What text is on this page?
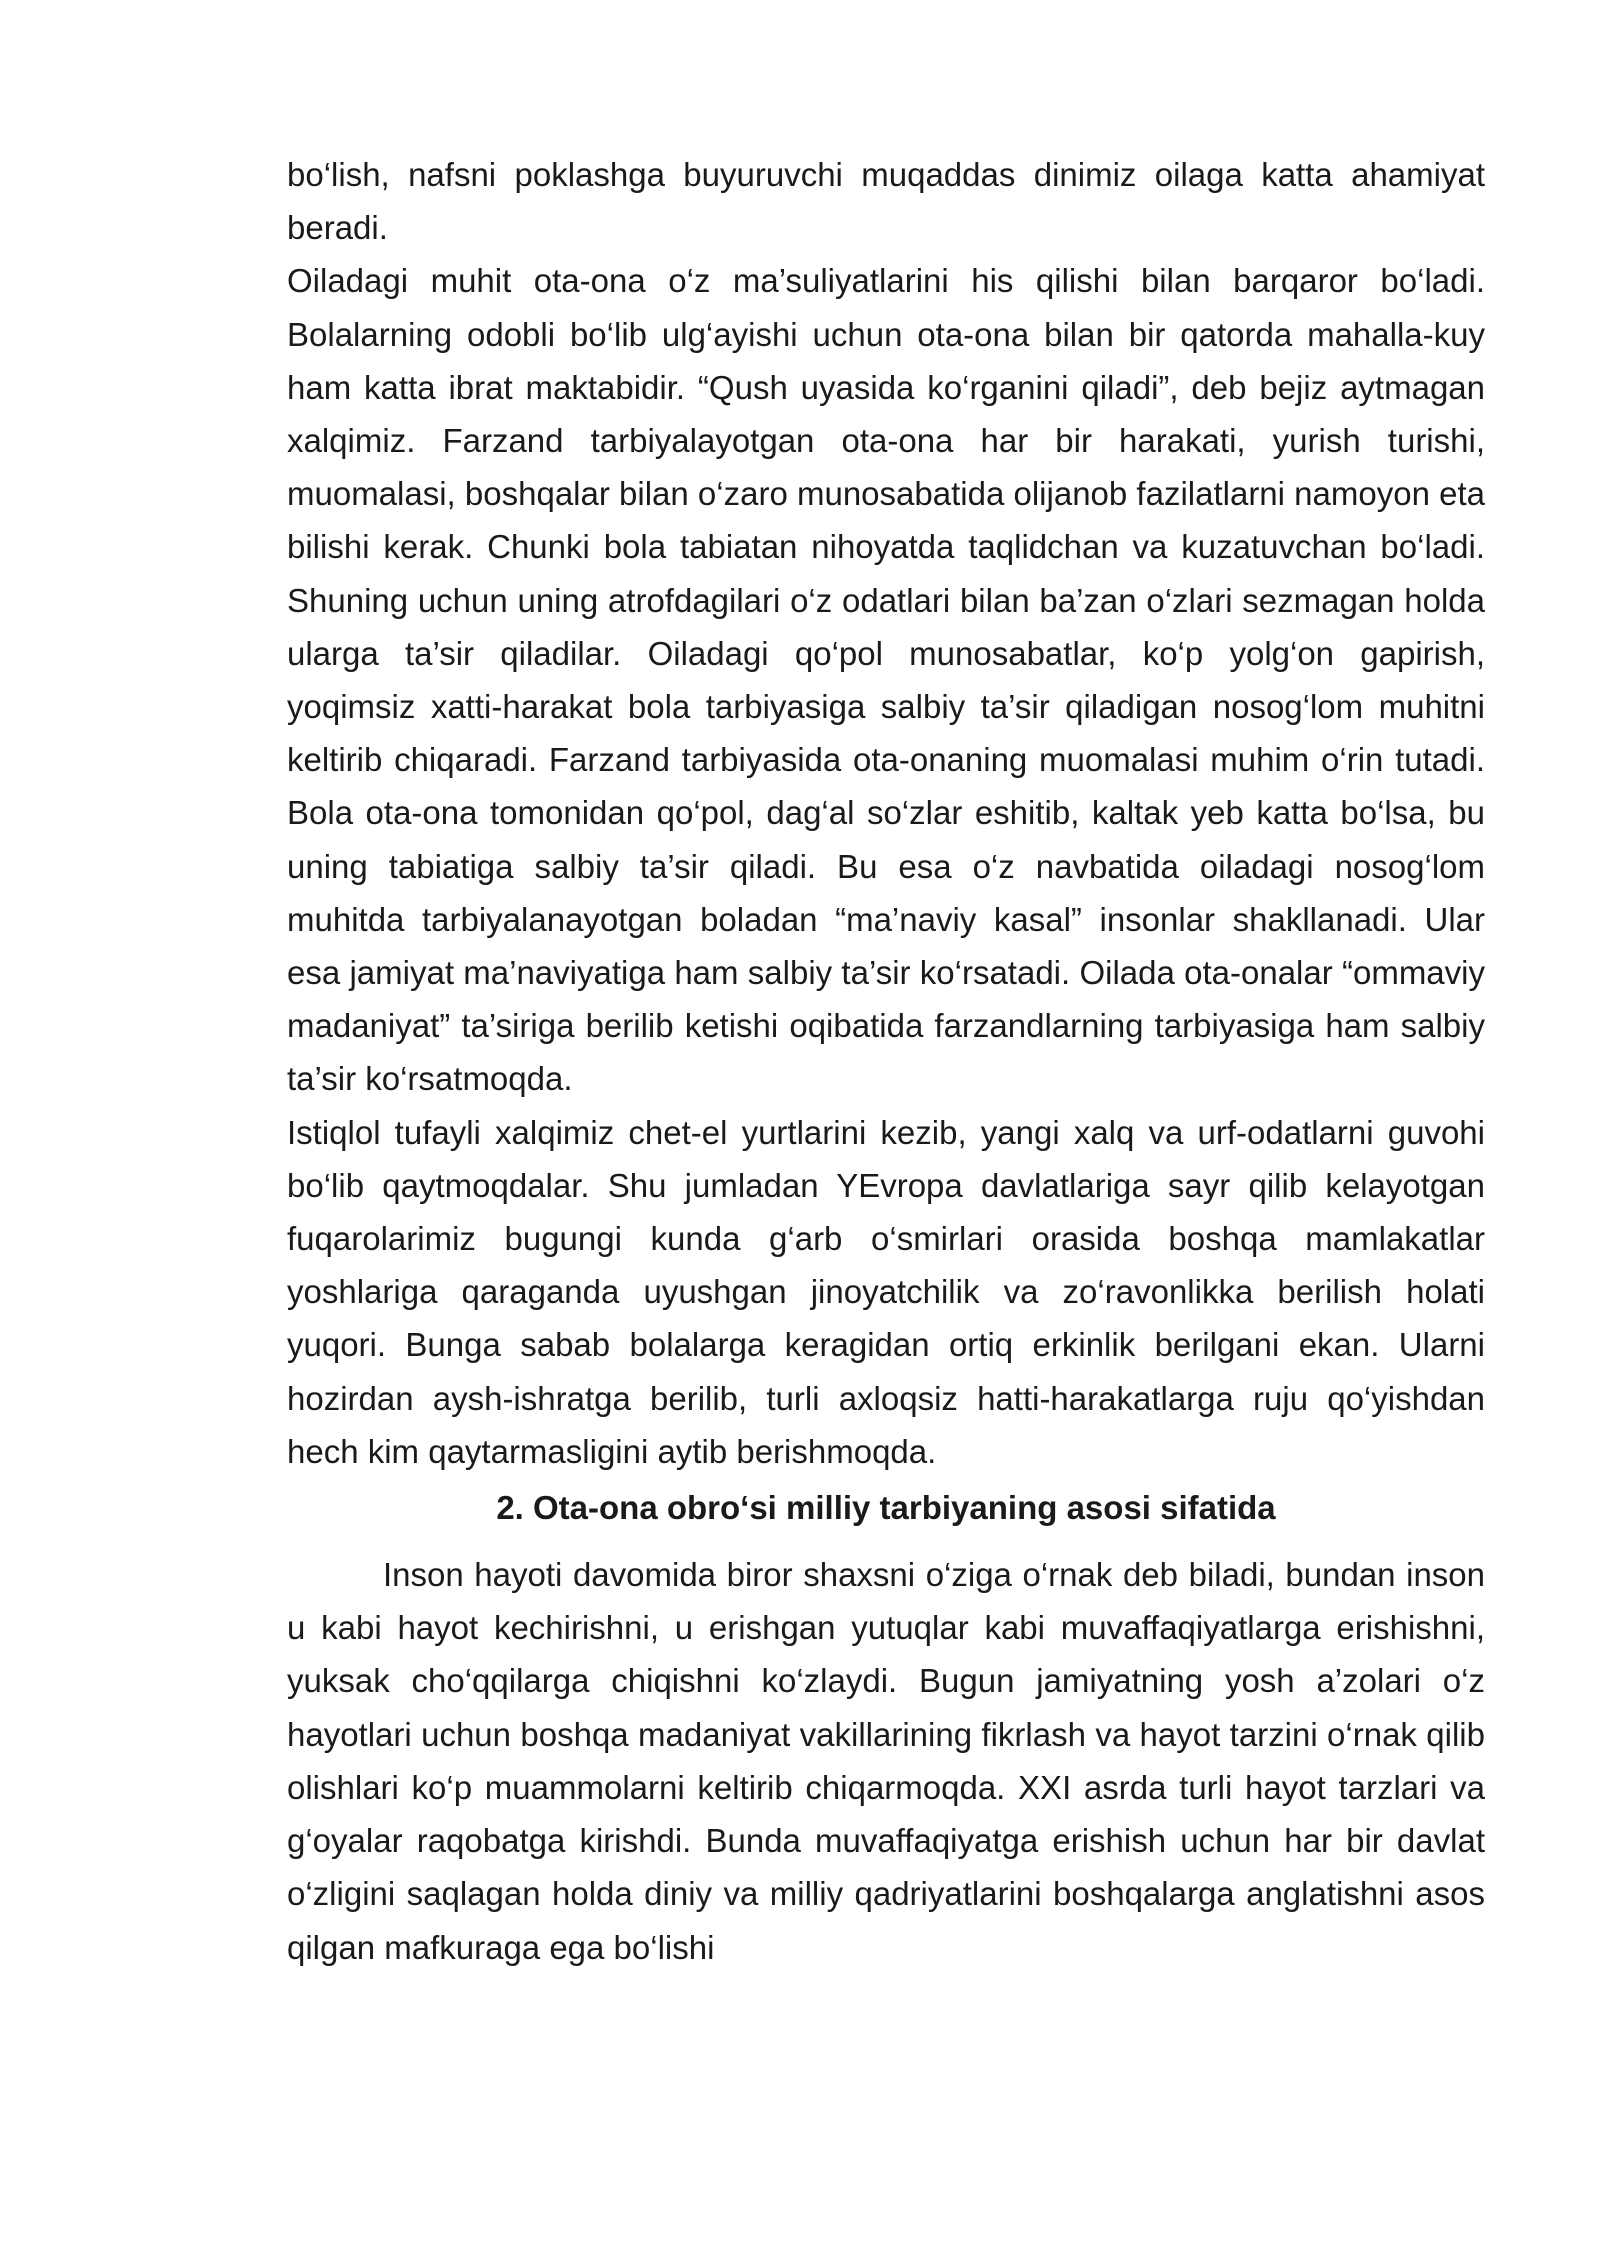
bo‘lish, nafsni poklashga buyuruvchi muqaddas dinimiz oilaga katta ahamiyat beradi.

Oiladagi muhit ota-ona o‘z ma’suliyatlarini his qilishi bilan barqaror bo‘ladi. Bolalarning odobli bo‘lib ulg‘ayishi uchun ota-ona bilan bir qatorda mahalla-kuy ham katta ibrat maktabidir. “Qush uyasida ko‘rganini qiladi”, deb bejiz aytmagan xalqimiz. Farzand tarbiyalayotgan ota-ona har bir harakati, yurish turishi, muomalasi, boshqalar bilan o‘zaro munosabatida olijanob fazilatlarni namoyon eta bilishi kerak. Chunki bola tabiatan nihoyatda taqlidchan va kuzatuvchan bo‘ladi. Shuning uchun uning atrofdagilari o‘z odatlari bilan ba’zan o‘zlari sezmagan holda ularga ta’sir qiladilar. Oiladagi qo‘pol munosabatlar, ko‘p yolg‘on gapirish, yoqimsiz xatti-harakat bola tarbiyasiga salbiy ta’sir qiladigan nosog‘lom muhitni keltirib chiqaradi. Farzand tarbiyasida ota-onaning muomalasi muhim o‘rin tutadi. Bola ota-ona tomonidan qo‘pol, dag‘al so‘zlar eshitib, kaltak yeb katta bo‘lsa, bu uning tabiatiga salbiy ta’sir qiladi. Bu esa o‘z navbatida oiladagi nosog‘lom muhitda tarbiyalanayotgan boladan “ma’naviy kasal” insonlar shakllanadi. Ular esa jamiyat ma’naviyatiga ham salbiy ta’sir ko‘rsatadi. Oilada ota-onalar “ommaviy madaniyat” ta’siriga berilib ketishi oqibatida farzandlarning tarbiyasiga ham salbiy ta’sir ko‘rsatmoqda.

Istiqlol tufayli xalqimiz chet-el yurtlarini kezib, yangi xalq va urf-odatlarni guvohi bo‘lib qaytmoqdalar. Shu jumladan YEvropa davlatlariga sayr qilib kelayotgan fuqarolarimiz bugungi kunda g‘arb o‘smirlari orasida boshqa mamlakatlar yoshlariga qaraganda uyushgan jinoyatchilik va zo‘ravonlikka berilish holati yuqori. Bunga sabab bolalarga keragidan ortiq erkinlik berilgani ekan. Ularni hozirdan aysh-ishratga berilib, turli axloqsiz hatti-harakatlarga ruju qo‘yishdan hech kim qaytarmasligini aytib berishmoqda.

2. Ota-ona obro‘si milliy tarbiyaning asosi sifatida

Inson hayoti davomida biror shaxsni o‘ziga o‘rnak deb biladi, bundan inson u kabi hayot kechirishni, u erishgan yutuqlar kabi muvaffaqiyatlarga erishishni, yuksak cho‘qqilarga chiqishni ko‘zlaydi. Bugun jamiyatning yosh a’zolari o‘z hayotlari uchun boshqa madaniyat vakillarining fikrlash va hayot tarzini o‘rnak qilib olishlari ko‘p muammolarni keltirib chiqarmoqda. XXI asrda turli hayot tarzlari va g‘oyalar raqobatga kirishdi. Bunda muvaffaqiyatga erishish uchun har bir davlat o‘zligini saqlagan holda diniy va milliy qadriyatlarini boshqalarga anglatishni asos qilgan mafkuraga ega bo‘lishi
